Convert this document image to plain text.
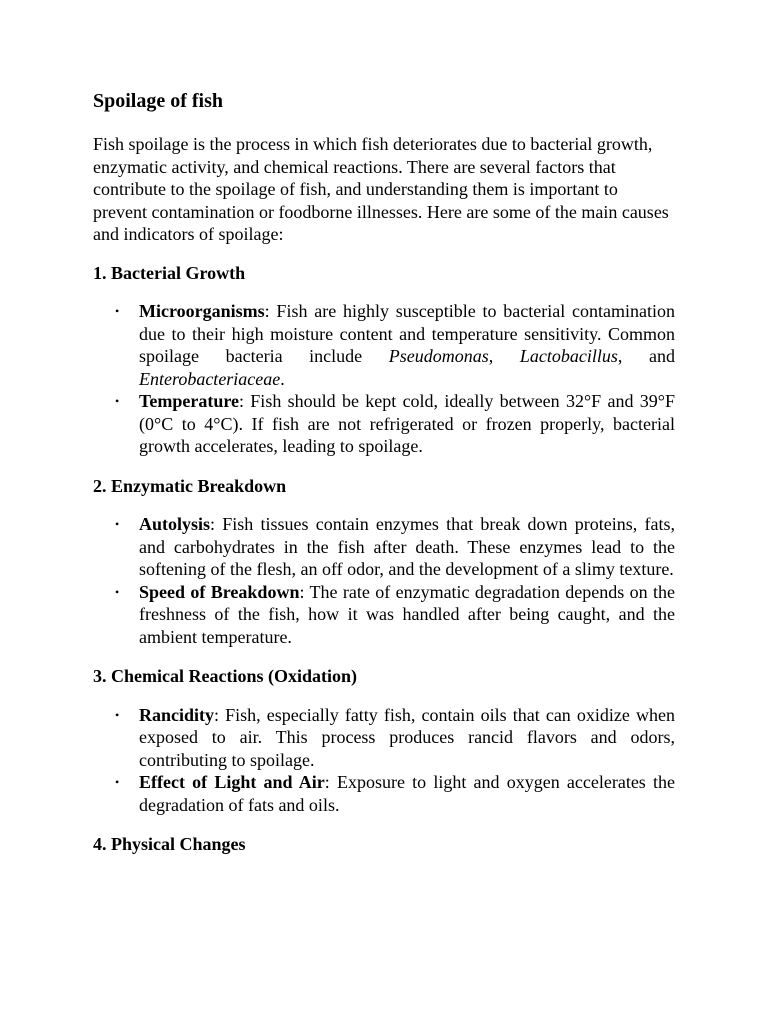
Spoilage of fish

Fish spoilage is the process in which fish deteriorates due to bacterial growth, enzymatic activity, and chemical reactions. There are several factors that contribute to the spoilage of fish, and understanding them is important to prevent contamination or foodborne illnesses. Here are some of the main causes and indicators of spoilage:

1. Bacterial Growth
• Microorganisms: Fish are highly susceptible to bacterial contamination due to their high moisture content and temperature sensitivity. Common spoilage bacteria include Pseudomonas, Lactobacillus, and Enterobacteriaceae.
• Temperature: Fish should be kept cold, ideally between 32°F and 39°F (0°C to 4°C). If fish are not refrigerated or frozen properly, bacterial growth accelerates, leading to spoilage.
2. Enzymatic Breakdown
• Autolysis: Fish tissues contain enzymes that break down proteins, fats, and carbohydrates in the fish after death. These enzymes lead to the softening of the flesh, an off odor, and the development of a slimy texture.
• Speed of Breakdown: The rate of enzymatic degradation depends on the freshness of the fish, how it was handled after being caught, and the ambient temperature.
3. Chemical Reactions (Oxidation)
• Rancidity: Fish, especially fatty fish, contain oils that can oxidize when exposed to air. This process produces rancid flavors and odors, contributing to spoilage.
• Effect of Light and Air: Exposure to light and oxygen accelerates the degradation of fats and oils.
4. Physical Changes
